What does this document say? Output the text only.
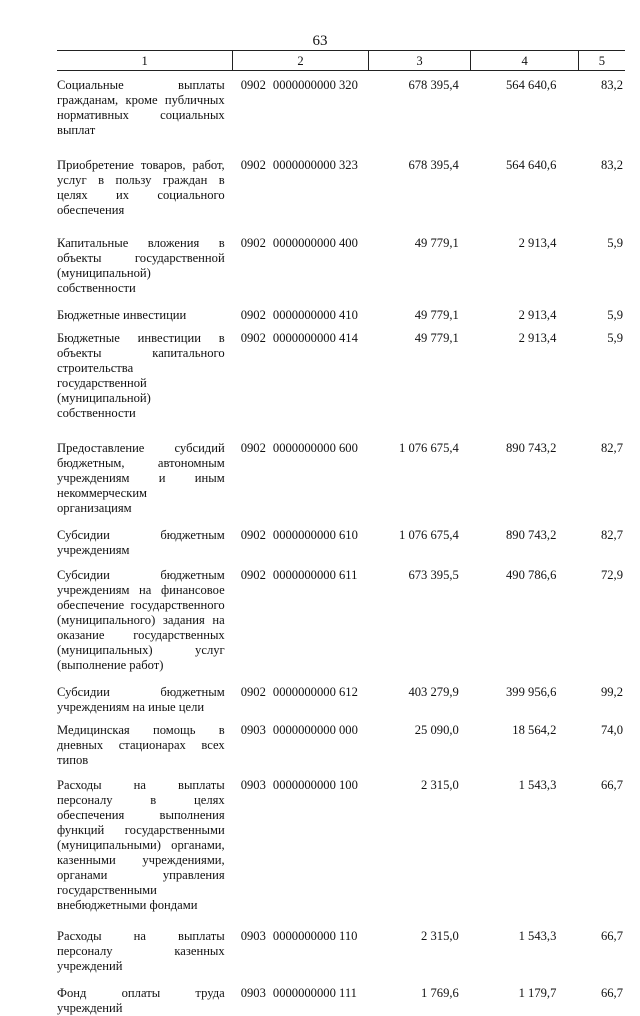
63
1	2	3	4	5
Социальные выплаты гражданам, кроме публичных нормативных социальных выплат	0902 0000000000 320	678 395,4	564 640,6	83,2
Приобретение товаров, работ, услуг в пользу граждан в целях их социального обеспечения	0902 0000000000 323	678 395,4	564 640,6	83,2
Капитальные вложения в объекты государственной (муниципальной) собственности	0902 0000000000 400	49 779,1	2 913,4	5,9
Бюджетные инвестиции	0902 0000000000 410	49 779,1	2 913,4	5,9
Бюджетные инвестиции в объекты капитального строительства государственной (муниципальной) собственности	0902 0000000000 414	49 779,1	2 913,4	5,9
Предоставление субсидий бюджетным, автономным учреждениям и иным некоммерческим организациям	0902 0000000000 600	1 076 675,4	890 743,2	82,7
Субсидии бюджетным учреждениям	0902 0000000000 610	1 076 675,4	890 743,2	82,7
Субсидии бюджетным учреждениям на финансовое обеспечение государственного (муниципального) задания на оказание государственных (муниципальных) услуг (выполнение работ)	0902 0000000000 611	673 395,5	490 786,6	72,9
Субсидии бюджетным учреждениям на иные цели	0902 0000000000 612	403 279,9	399 956,6	99,2
Медицинская помощь в дневных стационарах всех типов	0903 0000000000 000	25 090,0	18 564,2	74,0
Расходы на выплаты персоналу в целях обеспечения выполнения функций государственными (муниципальными) органами, казенными учреждениями, органами управления государственными внебюджетными фондами	0903 0000000000 100	2 315,0	1 543,3	66,7
Расходы на выплаты персоналу казенных учреждений	0903 0000000000 110	2 315,0	1 543,3	66,7
Фонд оплаты труда учреждений	0903 0000000000 111	1 769,6	1 179,7	66,7
